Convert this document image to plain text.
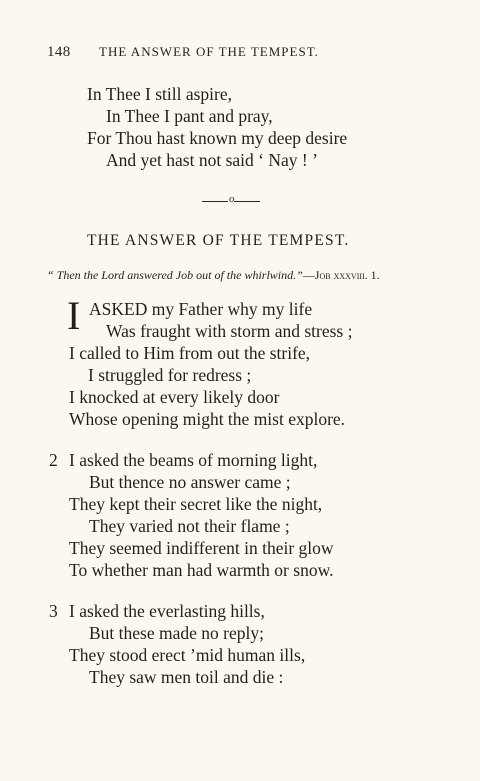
148 THE ANSWER OF THE TEMPEST.
In Thee I still aspire,
In Thee I pant and pray,
For Thou hast known my deep desire
And yet hast not said ‘ Nay ! ’
o
THE ANSWER OF THE TEMPEST.
“ Then the Lord answered Job out of the whirlwind.”—Job xxxviii. 1.
I ASKED my Father why my life
Was fraught with storm and stress ;
I called to Him from out the strife,
I struggled for redress ;
I knocked at every likely door
Whose opening might the mist explore.
2 I asked the beams of morning light,
But thence no answer came ;
They kept their secret like the night,
They varied not their flame ;
They seemed indifferent in their glow
To whether man had warmth or snow.
3 I asked the everlasting hills,
But these made no reply;
They stood erect ’mid human ills,
They saw men toil and die :
